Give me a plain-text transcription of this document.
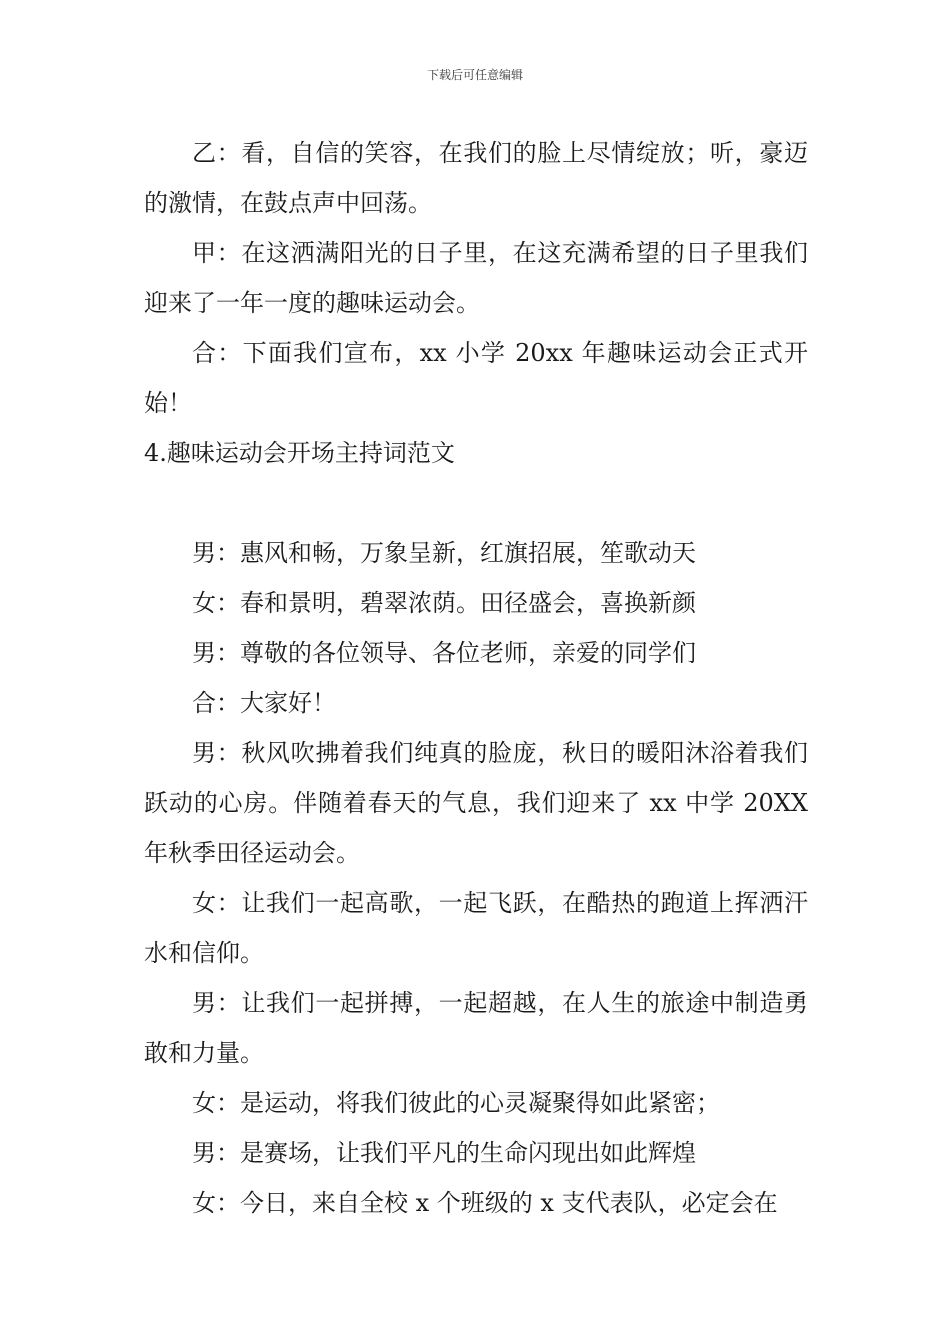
下载后可任意编辑

乙：看，自信的笑容，在我们的脸上尽情绽放；听，豪迈的激情，在鼓点声中回荡。

甲：在这洒满阳光的日子里，在这充满希望的日子里我们迎来了一年一度的趣味运动会。

合：下面我们宣布，xx 小学 20xx 年趣味运动会正式开始！

4.趣味运动会开场主持词范文

男：惠风和畅，万象呈新，红旗招展，笙歌动天

女：春和景明，碧翠浓荫。田径盛会，喜换新颜

男：尊敬的各位领导、各位老师，亲爱的同学们

合：大家好！

男：秋风吹拂着我们纯真的脸庞，秋日的暖阳沐浴着我们跃动的心房。伴随着春天的气息，我们迎来了 xx 中学 20XX 年秋季田径运动会。

女：让我们一起高歌，一起飞跃，在酷热的跑道上挥洒汗水和信仰。

男：让我们一起拼搏，一起超越，在人生的旅途中制造勇敢和力量。

女：是运动，将我们彼此的心灵凝聚得如此紧密；

男：是赛场，让我们平凡的生命闪现出如此辉煌

女：今日，来自全校 x 个班级的 x 支代表队，必定会在
